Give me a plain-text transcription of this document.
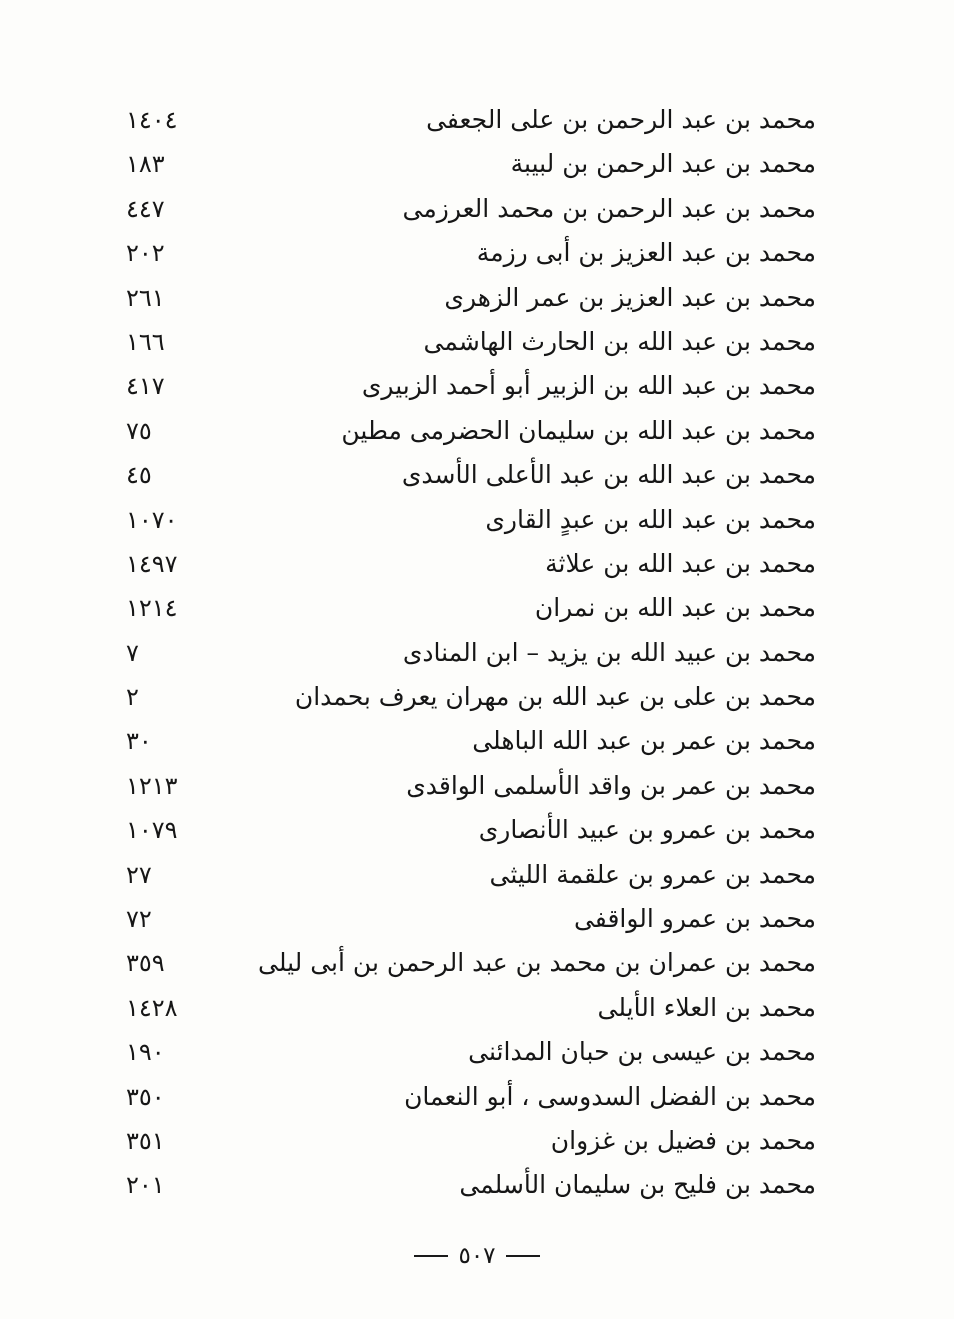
محمد بن عبد الرحمن بن على الجعفى
١٤٠٤
محمد بن عبد الرحمن بن لبيبة
١٨٣
محمد بن عبد الرحمن بن محمد العرزمى
٤٤٧
محمد بن عبد العزيز بن أبى رزمة
٢٠٢
محمد بن عبد العزيز بن عمر الزهرى
٢٦١
محمد بن عبد الله بن الحارث الهاشمى
١٦٦
محمد بن عبد الله بن الزبير أبو أحمد الزبيرى
٤١٧
محمد بن عبد الله بن سليمان الحضرمى مطين
٧٥
محمد بن عبد الله بن عبد الأعلى الأسدى
٤٥
محمد بن عبد الله بن عبدٍ القارى
١٠٧٠
محمد بن عبد الله بن علاثة
١٤٩٧
محمد بن عبد الله بن نمران
١٢١٤
محمد بن عبيد الله بن يزيد – ابن المنادى
٧
محمد بن على بن عبد الله بن مهران يعرف بحمدان
٢
محمد بن عمر بن عبد الله الباهلى
٣٠
محمد بن عمر بن واقد الأسلمى الواقدى
١٢١٣
محمد بن عمرو بن عبيد الأنصارى
١٠٧٩
محمد بن عمرو بن علقمة الليثى
٢٧
محمد بن عمرو الواقفى
٧٢
محمد بن عمران بن محمد بن عبد الرحمن بن أبى ليلى
٣٥٩
محمد بن العلاء الأيلى
١٤٢٨
محمد بن عيسى بن حبان المدائنى
١٩٠
محمد بن الفضل السدوسى ، أبو النعمان
٣٥٠
محمد بن فضيل بن غزوان
٣٥١
محمد بن فليح بن سليمان الأسلمى
٢٠١
٥٠٧
